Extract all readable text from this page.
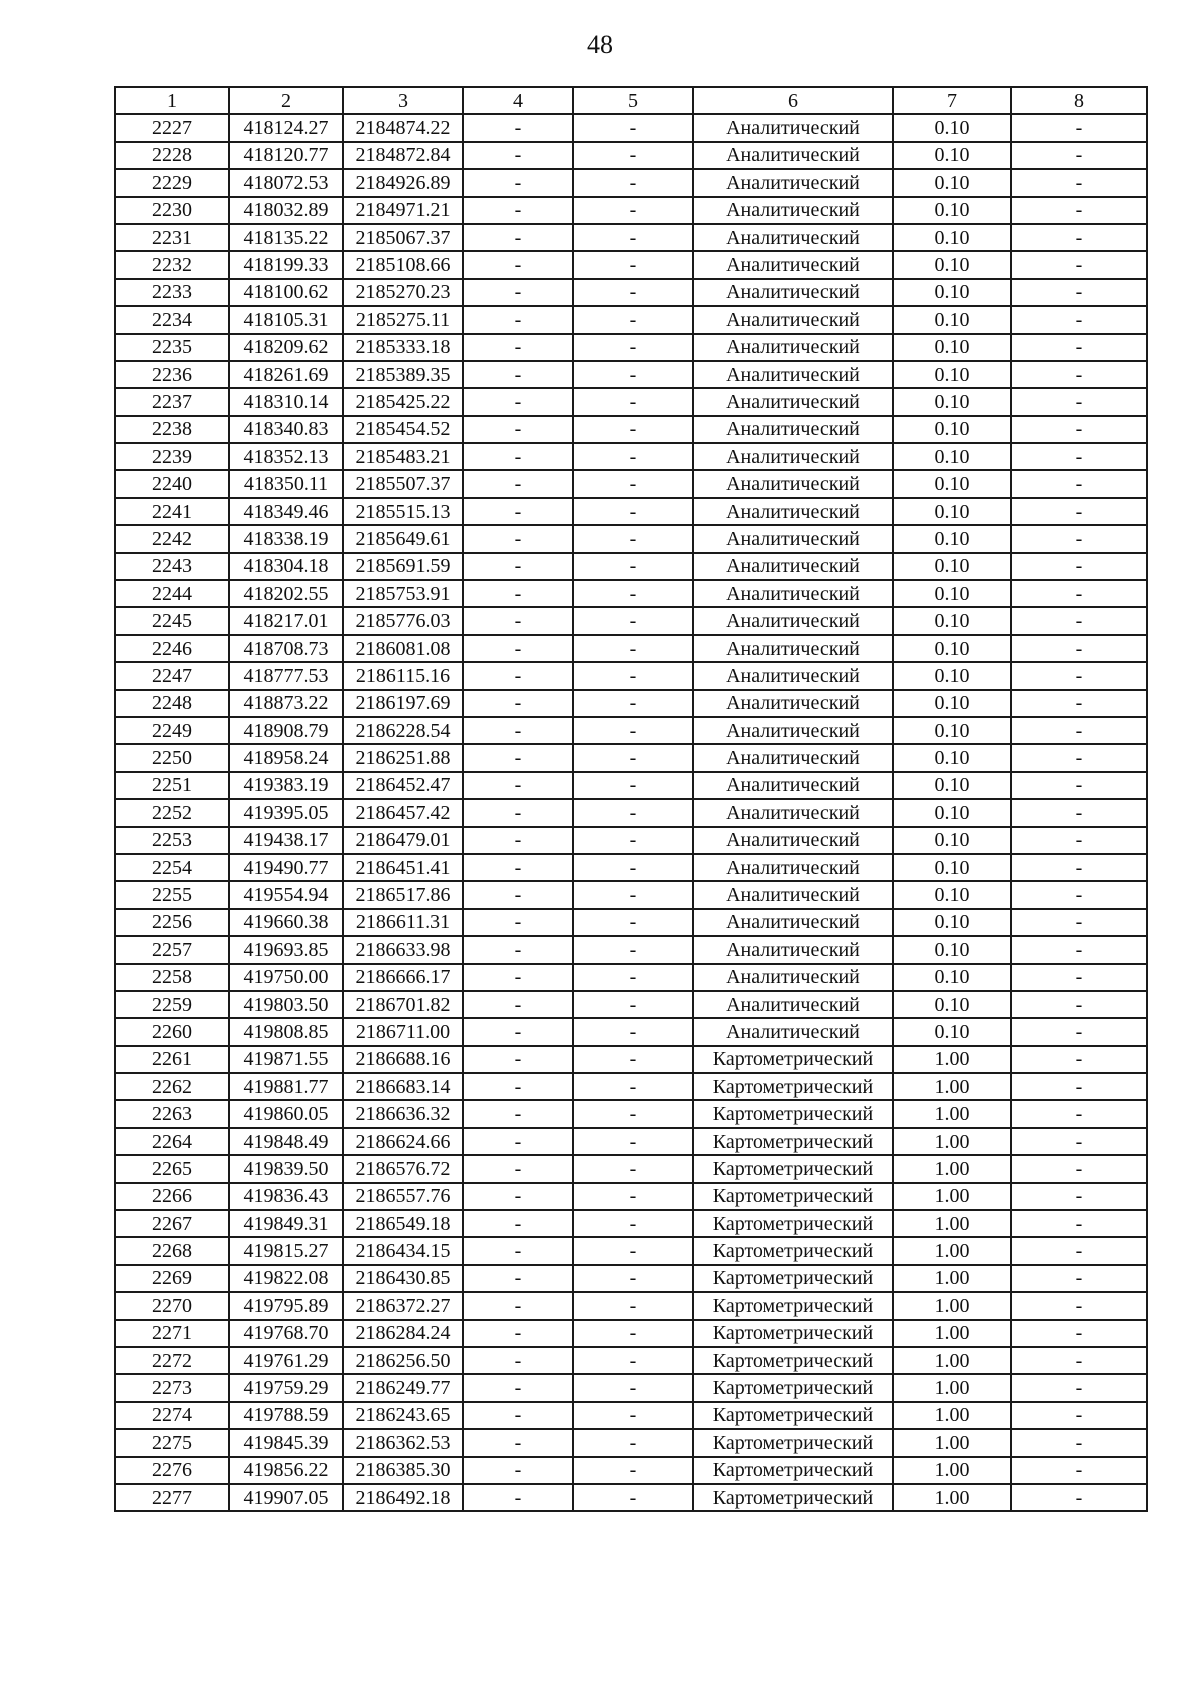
48
1	2	3	4	5	6	7	8
2227	418124.27	2184874.22	-	-	Аналитический	0.10	-
2228	418120.77	2184872.84	-	-	Аналитический	0.10	-
2229	418072.53	2184926.89	-	-	Аналитический	0.10	-
2230	418032.89	2184971.21	-	-	Аналитический	0.10	-
2231	418135.22	2185067.37	-	-	Аналитический	0.10	-
2232	418199.33	2185108.66	-	-	Аналитический	0.10	-
2233	418100.62	2185270.23	-	-	Аналитический	0.10	-
2234	418105.31	2185275.11	-	-	Аналитический	0.10	-
2235	418209.62	2185333.18	-	-	Аналитический	0.10	-
2236	418261.69	2185389.35	-	-	Аналитический	0.10	-
2237	418310.14	2185425.22	-	-	Аналитический	0.10	-
2238	418340.83	2185454.52	-	-	Аналитический	0.10	-
2239	418352.13	2185483.21	-	-	Аналитический	0.10	-
2240	418350.11	2185507.37	-	-	Аналитический	0.10	-
2241	418349.46	2185515.13	-	-	Аналитический	0.10	-
2242	418338.19	2185649.61	-	-	Аналитический	0.10	-
2243	418304.18	2185691.59	-	-	Аналитический	0.10	-
2244	418202.55	2185753.91	-	-	Аналитический	0.10	-
2245	418217.01	2185776.03	-	-	Аналитический	0.10	-
2246	418708.73	2186081.08	-	-	Аналитический	0.10	-
2247	418777.53	2186115.16	-	-	Аналитический	0.10	-
2248	418873.22	2186197.69	-	-	Аналитический	0.10	-
2249	418908.79	2186228.54	-	-	Аналитический	0.10	-
2250	418958.24	2186251.88	-	-	Аналитический	0.10	-
2251	419383.19	2186452.47	-	-	Аналитический	0.10	-
2252	419395.05	2186457.42	-	-	Аналитический	0.10	-
2253	419438.17	2186479.01	-	-	Аналитический	0.10	-
2254	419490.77	2186451.41	-	-	Аналитический	0.10	-
2255	419554.94	2186517.86	-	-	Аналитический	0.10	-
2256	419660.38	2186611.31	-	-	Аналитический	0.10	-
2257	419693.85	2186633.98	-	-	Аналитический	0.10	-
2258	419750.00	2186666.17	-	-	Аналитический	0.10	-
2259	419803.50	2186701.82	-	-	Аналитический	0.10	-
2260	419808.85	2186711.00	-	-	Аналитический	0.10	-
2261	419871.55	2186688.16	-	-	Картометрический	1.00	-
2262	419881.77	2186683.14	-	-	Картометрический	1.00	-
2263	419860.05	2186636.32	-	-	Картометрический	1.00	-
2264	419848.49	2186624.66	-	-	Картометрический	1.00	-
2265	419839.50	2186576.72	-	-	Картометрический	1.00	-
2266	419836.43	2186557.76	-	-	Картометрический	1.00	-
2267	419849.31	2186549.18	-	-	Картометрический	1.00	-
2268	419815.27	2186434.15	-	-	Картометрический	1.00	-
2269	419822.08	2186430.85	-	-	Картометрический	1.00	-
2270	419795.89	2186372.27	-	-	Картометрический	1.00	-
2271	419768.70	2186284.24	-	-	Картометрический	1.00	-
2272	419761.29	2186256.50	-	-	Картометрический	1.00	-
2273	419759.29	2186249.77	-	-	Картометрический	1.00	-
2274	419788.59	2186243.65	-	-	Картометрический	1.00	-
2275	419845.39	2186362.53	-	-	Картометрический	1.00	-
2276	419856.22	2186385.30	-	-	Картометрический	1.00	-
2277	419907.05	2186492.18	-	-	Картометрический	1.00	-
